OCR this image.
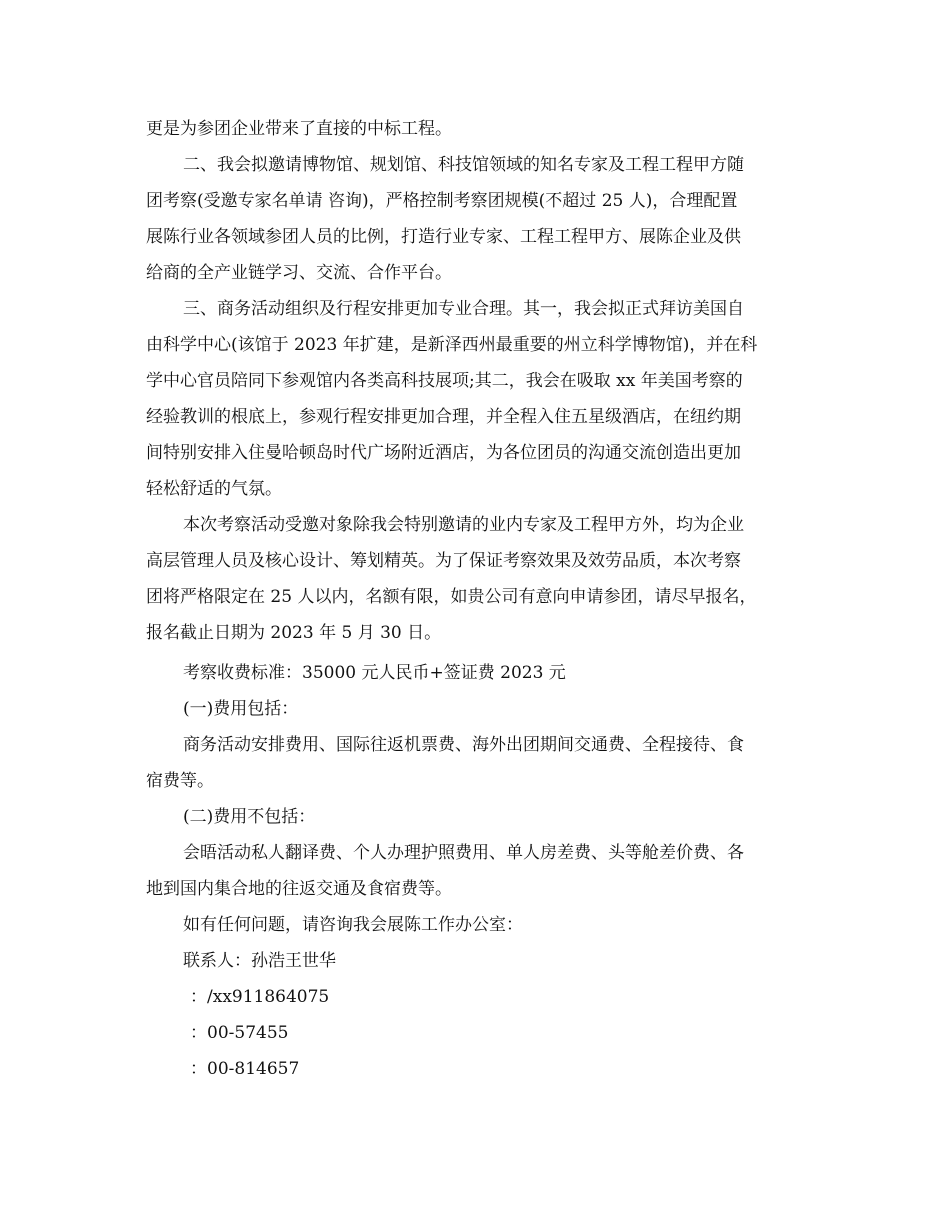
更是为参团企业带来了直接的中标工程。

二、我会拟邀请博物馆、规划馆、科技馆领域的知名专家及工程工程甲方随

团考察(受邀专家名单请 咨询)，严格控制考察团规模(不超过 25 人)，合理配置

展陈行业各领域参团人员的比例，打造行业专家、工程工程甲方、展陈企业及供

给商的全产业链学习、交流、合作平台。

三、商务活动组织及行程安排更加专业合理。其一，我会拟正式拜访美国自

由科学中心(该馆于 2023 年扩建，是新泽西州最重要的州立科学博物馆)，并在科

学中心官员陪同下参观馆内各类高科技展项;其二，我会在吸取 xx 年美国考察的

经验教训的根底上，参观行程安排更加合理，并全程入住五星级酒店，在纽约期

间特别安排入住曼哈顿岛时代广场附近酒店，为各位团员的沟通交流创造出更加

轻松舒适的气氛。

本次考察活动受邀对象除我会特别邀请的业内专家及工程甲方外，均为企业

高层管理人员及核心设计、筹划精英。为了保证考察效果及效劳品质，本次考察

团将严格限定在 25 人以内，名额有限，如贵公司有意向申请参团，请尽早报名，

报名截止日期为 2023 年 5 月 30 日。

考察收费标准：35000 元人民币+签证费 2023 元

(一)费用包括：

商务活动安排费用、国际往返机票费、海外出团期间交通费、全程接待、食

宿费等。

(二)费用不包括：

会晤活动私人翻译费、个人办理护照费用、单人房差费、头等舱差价费、各

地到国内集合地的往返交通及食宿费等。

如有任何问题，请咨询我会展陈工作办公室：

联系人：孙浩王世华

：/xx911864075

：00-57455

：00-814657
